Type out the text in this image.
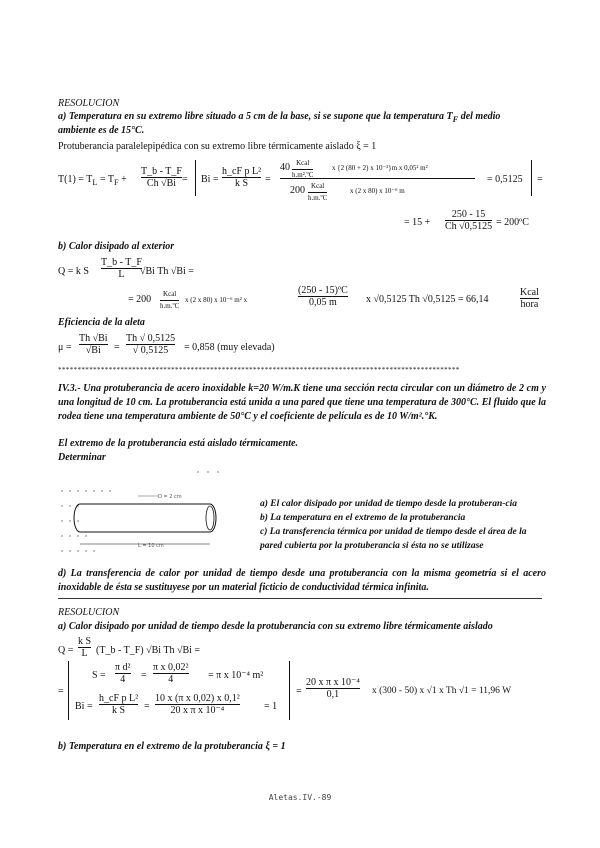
RESOLUCION
a) Temperatura en su extremo libre situado a 5 cm de la base, si se supone que la temperatura $T_F$ del medio
ambiente es de 15°C.
Protuberancia paralelepipédica con su extremo libre térmicamente aislado ξ = 1
$T(1) = T_L = T_F + \frac{T\_b - T\_F}{Ch √Bi} = Bi = \frac{\text{h\_cF p L²}}{\text{k S}}$ =
40 Kcal
h.m².ºC
x {2 (80 + 2) x 10⁻³}m x 0,05² m²
200 Kcal
h.m.ºC
x (2 x 80) x 10⁻⁶ m
= 0,5125 =
= $15 + \frac{250 - 15}{Ch √0,5125}$ = 200ºC
b) Calor disipado al exterior
Q = k S $\frac{T\_b - T\_F}{L}$
√Bi Th √Bi =
= 200	Kcal
h.m.ºC
x (2 x 80) x 10⁻⁶ m² x	$\frac{\text{(250 - 15)ºC}}{0,05 m}$ x √0,5125 Th √0,5125 = 66,14
Kcal
hora
Eficiencia de la aleta
$\mu = \frac{Th √Bi}{√Bi} = \frac{Th √ 0,5125}{√ 0,5125} = 0,858$ (muy elevada)
*******************************************************************************************************
IV.3.- Una protuberancia de acero inoxidable k=20 W/m.K tiene una sección recta circular con un diámetro de 2 cm y una longitud de 10 cm. La protuberancia está unida a una pared que tiene una temperatura de 300°C. El fluido que la rodea tiene una temperatura ambiente de 50°C y el coeficiente de película es de 10 W/m².°K.
El extremo de la protuberancia está aislado térmicamente.
Determinar
D = 2 cm
L = 10 cm
a) El calor disipado por unidad de tiempo desde la protuberan-cia
b) La temperatura en el extremo de la protuberancia
c) La transferencia térmica por unidad de tiempo desde el área de la pared cubierta por la protuberancia si ésta no se utilizase
d) La transferencia de calor por unidad de tiempo desde una protuberancia con la misma geometría si el acero inoxidable de ésta se sustituyese por un material ficticio de conductividad térmica infinita.
RESOLUCION
a) Calor disipado por unidad de tiempo desde la protuberancia con su extremo libre térmicamente aislado
$Q = \frac{\text{k S}}{L}$ (T_b - T_F) √Bi Th √Bi =
=
$S = \frac{\text{π d²}}{4} = \frac{\text{π x 0,02²}}{4} = \pi$ x 10⁻⁴ m²
$Bi = \frac{\text{h\_cF p L²}}{\text{k S}} = \frac{\text{10 x (π x 0,02) x 0,1²}}{\text{20 x π x 10⁻⁴}} = 1$
= $\frac{\text{20 x π x 10⁻⁴}}{0,1}$ x (300 - 50) x √1 x Th √1 = 11,96 W
b) Temperatura en el extremo de la protuberancia ξ = 1
Aletas.IV.-89
